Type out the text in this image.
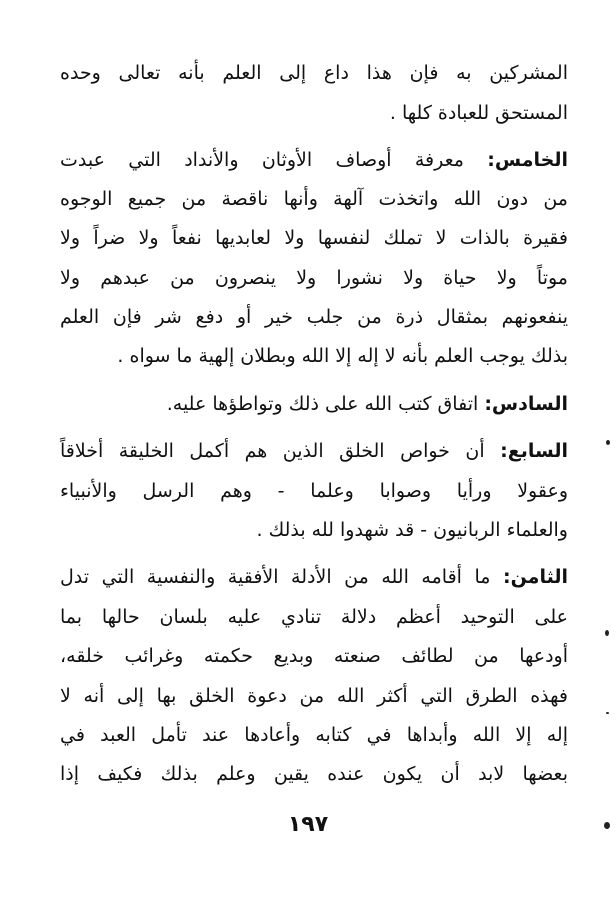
المشركين به فإن هذا داع إلى العلم بأنه تعالى وحده
المستحق للعبادة كلها .
الخامس: معرفة أوصاف الأوثان والأنداد التي عبدت
من دون الله واتخذت آلهة وأنها ناقصة من جميع الوجوه
فقيرة بالذات لا تملك لنفسها ولا لعابديها نفعاً ولا ضراً ولا
موتاً ولا حياة ولا نشورا ولا ينصرون من عبدهم ولا
ينفعونهم بمثقال ذرة من جلب خير أو دفع شر فإن العلم
بذلك يوجب العلم بأنه لا إله إلا الله وبطلان إلهية ما سواه .
السادس: اتفاق كتب الله على ذلك وتواطؤها عليه.
السابع: أن خواص الخلق الذين هم أكمل الخليقة أخلاقاً
وعقولا ورأيا وصوابا وعلما - وهم الرسل والأنبياء
والعلماء الربانيون - قد شهدوا لله بذلك .
الثامن: ما أقامه الله من الأدلة الأفقية والنفسية التي تدل
على التوحيد أعظم دلالة تنادي عليه بلسان حالها بما
أودعها من لطائف صنعته وبديع حكمته وغرائب خلقه،
فهذه الطرق التي أكثر الله من دعوة الخلق بها إلى أنه لا
إله إلا الله وأبداها في كتابه وأعادها عند تأمل العبد في
بعضها لابد أن يكون عنده يقين وعلم بذلك فكيف إذا
١٩٧
